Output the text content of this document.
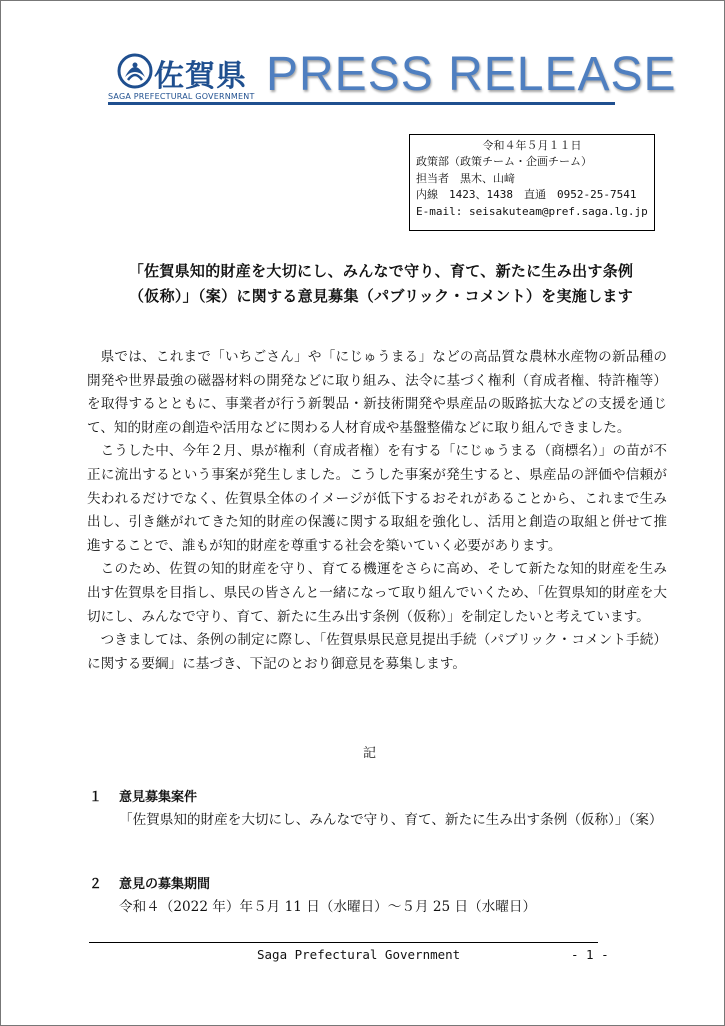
佐賀県
SAGA PREFECTURAL GOVERNMENT PRESS RELEASE
令和４年５月１１日
政策部（政策チーム・企画チーム）
担当者　黒木、山﨑
内線　1423、1438　直通　0952-25-7541
E-mail: seisakuteam@pref.saga.lg.jp
「佐賀県知的財産を大切にし、みんなで守り、育て、新たに生み出す条例
（仮称）」（案）に関する意見募集（パブリック・コメント）を実施します

県では、これまで「いちごさん」や「にじゅうまる」などの高品質な農林水産物の新品種の開発や世界最強の磁器材料の開発などに取り組み、法令に基づく権利（育成者権、特許権等）を取得するとともに、事業者が行う新製品・新技術開発や県産品の販路拡大などの支援を通じて、知的財産の創造や活用などに関わる人材育成や基盤整備などに取り組んできました。

こうした中、今年２月、県が権利（育成者権）を有する「にじゅうまる（商標名）」の苗が不正に流出するという事案が発生しました。こうした事案が発生すると、県産品の評価や信頼が失われるだけでなく、佐賀県全体のイメージが低下するおそれがあることから、これまで生み出し、引き継がれてきた知的財産の保護に関する取組を強化し、活用と創造の取組と併せて推進することで、誰もが知的財産を尊重する社会を築いていく必要があります。

このため、佐賀の知的財産を守り、育てる機運をさらに高め、そして新たな知的財産を生み出す佐賀県を目指し、県民の皆さんと一緒になって取り組んでいくため、「佐賀県知的財産を大切にし、みんなで守り、育て、新たに生み出す条例（仮称）」を制定したいと考えています。

つきましては、条例の制定に際し、「佐賀県県民意見提出手続（パブリック・コメント手続）に関する要綱」に基づき、下記のとおり御意見を募集します。

記
１ 意見募集案件
「佐賀県知的財産を大切にし、みんなで守り、育て、新たに生み出す条例（仮称）」（案）
２ 意見の募集期間
令和４（2022 年）年５月 11 日（水曜日）～５月 25 日（水曜日）
Saga Prefectural Government	- 1 -
